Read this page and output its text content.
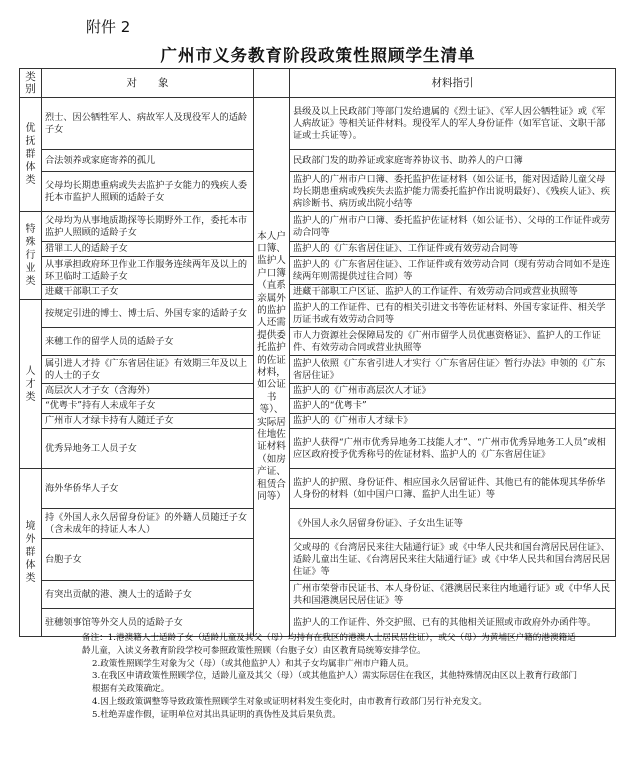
附件 2
广州市义务教育阶段政策性照顾学生清单
类别	对　　象		材料指引
优抚群体类	烈士、因公牺牲军人、病故军人及现役军人的适龄子女	本人户口簿、监护人户口簿（直系亲属外的监护人还需提供委托监护的佐证材料，如公证书等）、实际居住地佐证材料（如房产证、租赁合同等）	县级及以上民政部门等部门发给遗属的《烈士证》、《军人因公牺牲证》或《军人病故证》等相关证件材料。现役军人的军人身份证件（如军官证、文职干部证或士兵证等）。
	合法领养或家庭寄养的孤儿		民政部门发的助养证或家庭寄养协议书、助养人的户口簿
	父母均长期患重病或失去监护子女能力的残疾人委托本市监护人照顾的适龄子女		监护人的广州市户口簿、委托监护佐证材料（如公证书，能对因适龄儿童父母均长期患重病或残疾失去监护能力需委托监护作出说明最好）、《残疾人证》、疾病诊断书、病历或出院小结等
特殊行业类	父母均为从事地质勘探等长期野外工作，委托本市监护人照顾的适龄子女		监护人的广州市户口簿、委托监护佐证材料（如公证书）、父母的工作证件或劳动合同等
	猎罪工人的适龄子女		监护人的《广东省居住证》、工作证件或有效劳动合同等
	从事承担政府环卫作业工作服务连续两年及以上的环卫临时工适龄子女		监护人的《广东省居住证》、工作证件或有效劳动合同（现有劳动合同如不是连续两年则需提供过往合同）等
	进藏干部职工子女		进藏干部职工户区证、监护人的工作证件、有效劳动合同或营业执照等
人才类	按规定引进的博士、博士后、外国专家的适龄子女		监护人的工作证件、已有的相关引进文书等佐证材料、外国专家证件、相关学历证书或有效劳动合同等
	来穗工作的留学人员的适龄子女		市人力资源社会保障局发的《广州市留学人员优惠资格证》、监护人的工作证件、有效劳动合同或营业执照等
	属引进人才持《广东省居住证》有效期三年及以上的人士的子女		监护人依照《广东省引进人才实行〈广东省居住证〉暂行办法》申领的《广东省居住证》
	高层次人才子女（含海外）		监护人的《广州市高层次人才证》
	“优粤卡”持有人未成年子女		监护人的“优粤卡”
	广州市人才绿卡持有人随迁子女		监护人的《广州市人才绿卡》
	优秀异地务工人员子女		监护人获得“广州市优秀异地务工技能人才”、“广州市优秀异地务工人员”或相应区政府授予优秀称号的佐证材料、监护人的《广东省居住证》
境外群体类	海外华侨华人子女		监护人的护照、身份证件、相应国永久居留证件、其他已有的能体现其华侨华人身份的材料（如中国户口簿、监护人出生证）等
	持《外国人永久居留身份证》的外籍人员随迁子女（含未成年的持证人本人）		《外国人永久居留身份证》、子女出生证等
	台胞子女		父或母的《台湾居民来往大陆通行证》或《中华人民共和国台湾居民居住证》、适龄儿童出生证、《台湾居民来往大陆通行证》或《中华人民共和国台湾居民居住证》等
	有突出贡献的港、澳人士的适龄子女		广州市荣誉市民证书、本人身份证、《港澳居民来往内地通行证》或《中华人民共和国港澳居民居住证》等
	驻穗领事馆等外交人员的适龄子女		监护人的工作证件、外交护照、已有的其他相关证照或市政府外办函件等。

备注：1.港澳籍人士适龄子女（适龄儿童及其父（母）均持有在我区的港澳人士居民居住证），或父（母）为黄埔区户籍的港澳籍适龄儿童，入读义务教育阶段学校可参照政策性照顾（台胞子女）由区教育局统筹安排学位。

2.政策性照顾学生对象为父（母）（或其他监护人）和其子女均属非广州市户籍人员。

3.在我区申请政策性照顾学位，适龄儿童及其父（母）（或其他监护人）需实际居住在我区，其他特殊情况由区以上教育行政部门根据有关政策确定。

4.因上级政策调整等导致政策性照顾学生对象或证明材料发生变化时，由市教育行政部门另行补充发文。

5.杜绝弄虚作假，证明单位对其出具证明的真伪性及其后果负责。
